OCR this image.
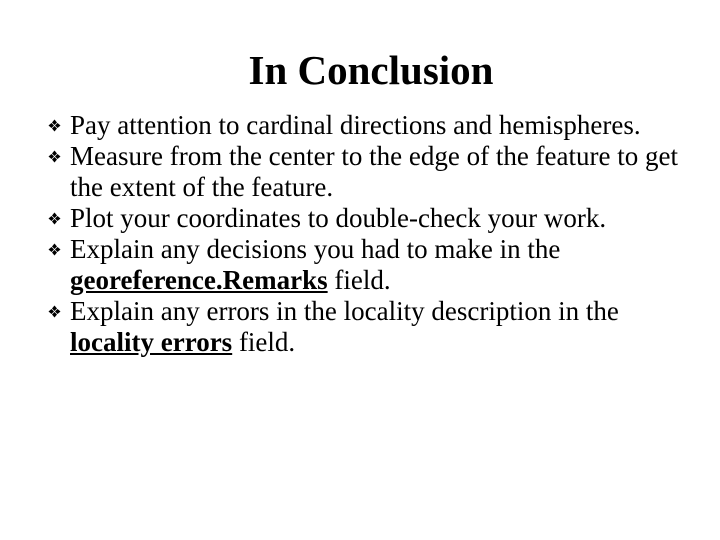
In Conclusion
Pay attention to cardinal directions and hemispheres.
Measure from the center to the edge of the feature to get the extent of the feature.
Plot your coordinates to double-check your work.
Explain any decisions you had to make in the georeference.Remarks field.
Explain any errors in the locality description in the locality errors field.
